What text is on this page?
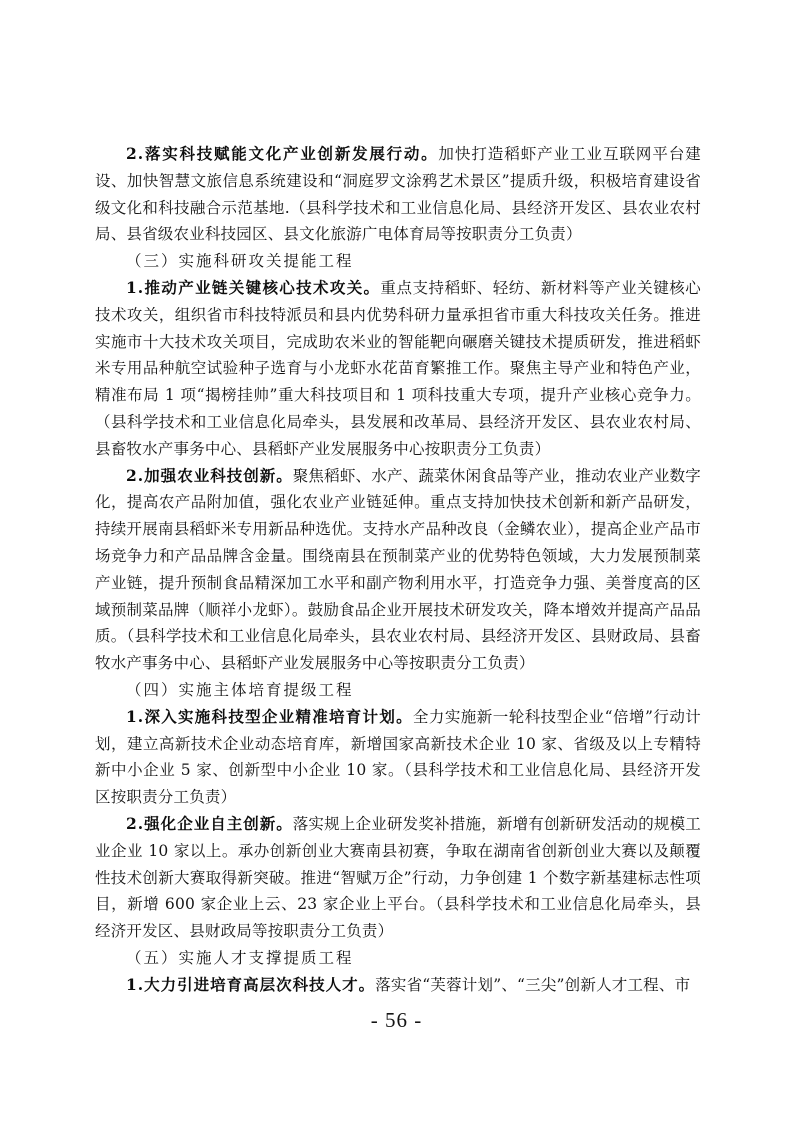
2.落实科技赋能文化产业创新发展行动。加快打造稻虾产业工业互联网平台建设、加快智慧文旅信息系统建设和“洞庭罗文涂鸦艺术景区”提质升级，积极培育建设省级文化和科技融合示范基地.（县科学技术和工业信息化局、县经济开发区、县农业农村局、县省级农业科技园区、县文化旅游广电体育局等按职责分工负责）

（三）实施科研攻关提能工程

1.推动产业链关键核心技术攻关。重点支持稻虾、轻纺、新材料等产业关键核心技术攻关，组织省市科技特派员和县内优势科研力量承担省市重大科技攻关任务。推进实施市十大技术攻关项目，完成助农米业的智能靶向碾磨关键技术提质研发，推进稻虾米专用品种航空试验种子选育与小龙虾水花苗育繁推工作。聚焦主导产业和特色产业，精准布局 1 项“揭榜挂帅”重大科技项目和 1 项科技重大专项，提升产业核心竞争力。（县科学技术和工业信息化局牵头，县发展和改革局、县经济开发区、县农业农村局、县畜牧水产事务中心、县稻虾产业发展服务中心按职责分工负责）

2.加强农业科技创新。聚焦稻虾、水产、蔬菜休闲食品等产业，推动农业产业数字化，提高农产品附加值，强化农业产业链延伸。重点支持加快技术创新和新产品研发，持续开展南县稻虾米专用新品种选优。支持水产品种改良（金鳞农业），提高企业产品市场竞争力和产品品牌含金量。围绕南县在预制菜产业的优势特色领域，大力发展预制菜产业链，提升预制食品精深加工水平和副产物利用水平，打造竞争力强、美誉度高的区域预制菜品牌（顺祥小龙虾）。鼓励食品企业开展技术研发攻关，降本增效并提高产品品质。（县科学技术和工业信息化局牵头，县农业农村局、县经济开发区、县财政局、县畜牧水产事务中心、县稻虾产业发展服务中心等按职责分工负责）

（四）实施主体培育提级工程

1.深入实施科技型企业精准培育计划。全力实施新一轮科技型企业“倍增”行动计划，建立高新技术企业动态培育库，新增国家高新技术企业 10 家、省级及以上专精特新中小企业 5 家、创新型中小企业 10 家。（县科学技术和工业信息化局、县经济开发区按职责分工负责）

2.强化企业自主创新。落实规上企业研发奖补措施，新增有创新研发活动的规模工业企业 10 家以上。承办创新创业大赛南县初赛，争取在湖南省创新创业大赛以及颠覆性技术创新大赛取得新突破。推进“智赋万企”行动，力争创建 1 个数字新基建标志性项目，新增 600 家企业上云、23 家企业上平台。（县科学技术和工业信息化局牵头，县经济开发区、县财政局等按职责分工负责）

（五）实施人才支撑提质工程

1.大力引进培育高层次科技人才。落实省“芙蓉计划”、“三尖”创新人才工程、市

- 56 -
